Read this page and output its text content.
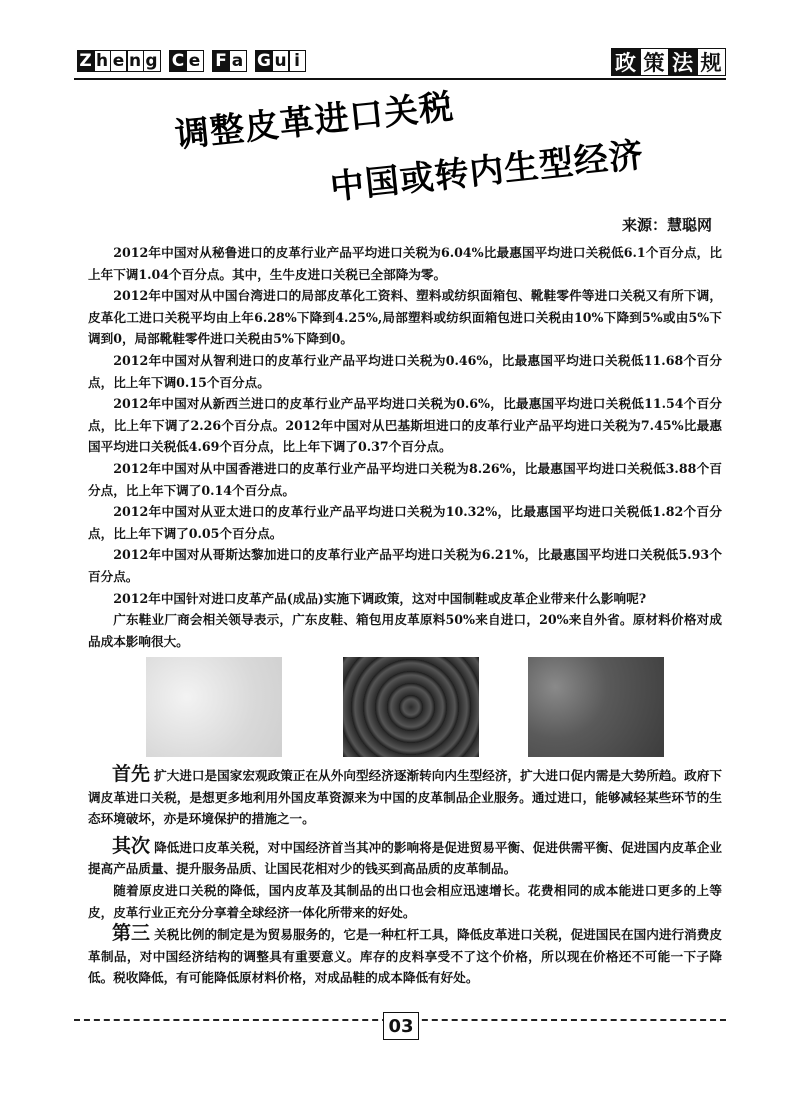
Z h e n g C e F a G u i	政 策 法 规
调整皮革进口关税
中国或转内生型经济
来源：慧聪网

2012年中国对从秘鲁进口的皮革行业产品平均进口关税为6.04%比最惠国平均进口关税低6.1个百分点，比上年下调1.04个百分点。其中，生牛皮进口关税已全部降为零。

2012年中国对从中国台湾进口的局部皮革化工资料、塑料或纺织面箱包、靴鞋零件等进口关税又有所下调，皮革化工进口关税平均由上年6.28%下降到4.25%,局部塑料或纺织面箱包进口关税由10%下降到5%或由5%下调到0，局部靴鞋零件进口关税由5%下降到0。

2012年中国对从智利进口的皮革行业产品平均进口关税为0.46%，比最惠国平均进口关税低11.68个百分点，比上年下调0.15个百分点。

2012年中国对从新西兰进口的皮革行业产品平均进口关税为0.6%，比最惠国平均进口关税低11.54个百分点，比上年下调了2.26个百分点。2012年中国对从巴基斯坦进口的皮革行业产品平均进口关税为7.45%比最惠国平均进口关税低4.69个百分点，比上年下调了0.37个百分点。

2012年中国对从中国香港进口的皮革行业产品平均进口关税为8.26%，比最惠国平均进口关税低3.88个百分点，比上年下调了0.14个百分点。

2012年中国对从亚太进口的皮革行业产品平均进口关税为10.32%，比最惠国平均进口关税低1.82个百分点，比上年下调了0.05个百分点。

2012年中国对从哥斯达黎加进口的皮革行业产品平均进口关税为6.21%，比最惠国平均进口关税低5.93个百分点。

2012年中国针对进口皮革产品(成品)实施下调政策，这对中国制鞋或皮革企业带来什么影响呢?

广东鞋业厂商会相关领导表示，广东皮鞋、箱包用皮革原料50%来自进口，20%来自外省。原材料价格对成品成本影响很大。

首先 扩大进口是国家宏观政策正在从外向型经济逐渐转向内生型经济，扩大进口促内需是大势所趋。政府下调皮革进口关税，是想更多地利用外国皮革资源来为中国的皮革制品企业服务。通过进口，能够减轻某些环节的生态环境破坏，亦是环境保护的措施之一。

其次 降低进口皮革关税，对中国经济首当其冲的影响将是促进贸易平衡、促进供需平衡、促进国内皮革企业提高产品质量、提升服务品质、让国民花相对少的钱买到高品质的皮革制品。

随着原皮进口关税的降低，国内皮革及其制品的出口也会相应迅速增长。花费相同的成本能进口更多的上等皮，皮革行业正充分分享着全球经济一体化所带来的好处。

第三 关税比例的制定是为贸易服务的，它是一种杠杆工具，降低皮革进口关税，促进国民在国内进行消费皮革制品，对中国经济结构的调整具有重要意义。库存的皮料享受不了这个价格，所以现在价格还不可能一下子降低。税收降低，有可能降低原材料价格，对成品鞋的成本降低有好处。

03
